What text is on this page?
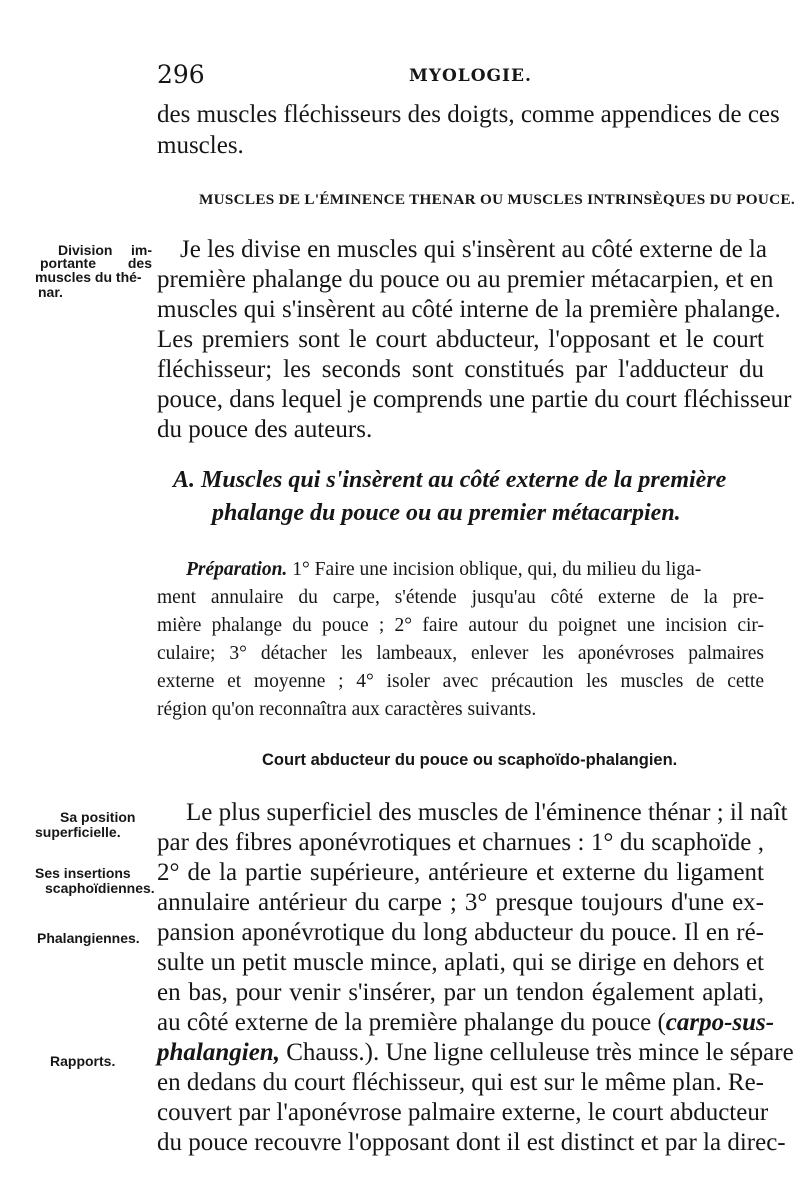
296	MYOLOGIE.
des muscles fléchisseurs des doigts, comme appendices de ces
muscles.
MUSCLES DE L'ÉMINENCE THENAR OU MUSCLES INTRINSÈQUES DU POUCE.
Je les divise en muscles qui s'insèrent au côté externe de la
première phalange du pouce ou au premier métacarpien, et en
muscles qui s'insèrent au côté interne de la première phalange.
Les premiers sont le court abducteur, l'opposant et le court
fléchisseur; les seconds sont constitués par l'adducteur du
pouce, dans lequel je comprends une partie du court fléchisseur
du pouce des auteurs.
A. Muscles qui s'insèrent au côté externe de la première
phalange du pouce ou au premier métacarpien.
Préparation. 1° Faire une incision oblique, qui, du milieu du liga-
ment annulaire du carpe, s'étende jusqu'au côté externe de la pre-
mière phalange du pouce ; 2° faire autour du poignet une incision cir-
culaire; 3° détacher les lambeaux, enlever les aponévroses palmaires
externe et moyenne ; 4° isoler avec précaution les muscles de cette
région qu'on reconnaîtra aux caractères suivants.
Court abducteur du pouce ou scaphoïdo-phalangien.
Le plus superficiel des muscles de l'éminence thénar ; il naît
par des fibres aponévrotiques et charnues : 1° du scaphoïde ,
2° de la partie supérieure, antérieure et externe du ligament
annulaire antérieur du carpe ; 3° presque toujours d'une ex-
pansion aponévrotique du long abducteur du pouce. Il en ré-
sulte un petit muscle mince, aplati, qui se dirige en dehors et
en bas, pour venir s'insérer, par un tendon également aplati,
au côté externe de la première phalange du pouce (carpo-sus-
phalangien, Chauss.). Une ligne celluleuse très mince le sépare
en dedans du court fléchisseur, qui est sur le même plan. Re-
couvert par l'aponévrose palmaire externe, le court abducteur
du pouce recouvre l'opposant dont il est distinct et par la direc-
Division im-
portante des
muscles du thé-
nar.
Sa position
superficielle.
Ses insertions
scaphoïdiennes.
Phalangiennes.
Rapports.
